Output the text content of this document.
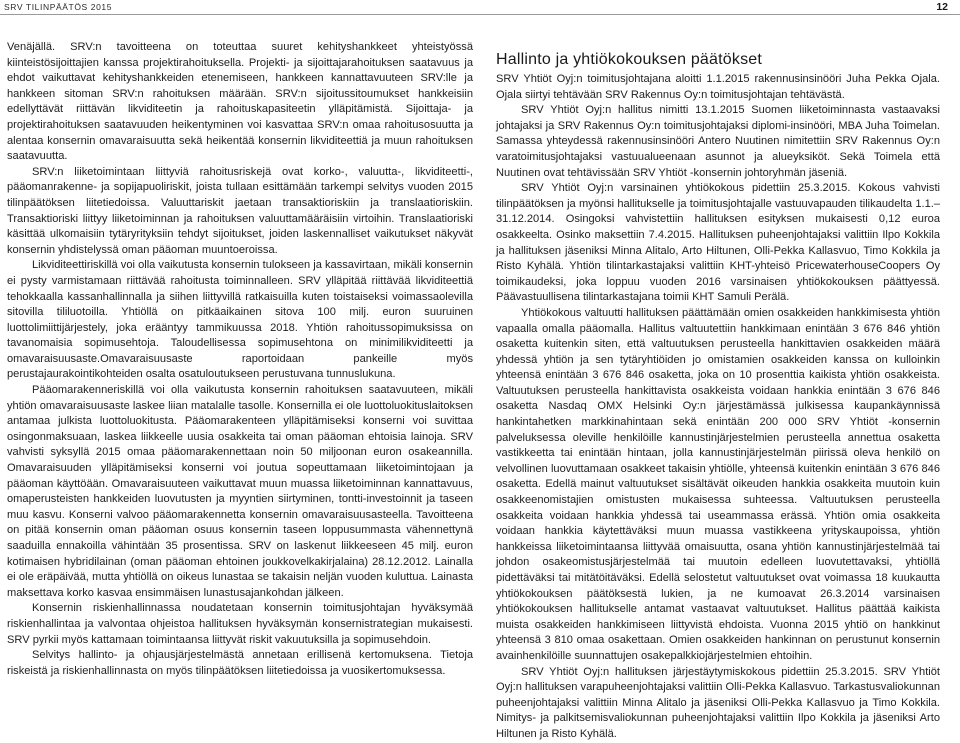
SRV TILINPÄÄTÖS 2015	12

Venäjällä. SRV:n tavoitteena on toteuttaa suuret kehityshankkeet yhteistyössä kiinteistösijoittajien kanssa projektirahoituksella. Projekti- ja sijoittajarahoituksen saatavuus ja ehdot vaikuttavat kehityshankkeiden etenemiseen, hankkeen kannattavuuteen SRV:lle ja hankkeen sitoman SRV:n rahoituksen määrään. SRV:n sijoitussitoumukset hankkeisiin edellyttävät riittävän likviditeetin ja rahoituskapasiteetin ylläpitämistä. Sijoittaja- ja projektirahoituksen saatavuuden heikentyminen voi kasvattaa SRV:n omaa rahoitusosuutta ja alentaa konsernin omavaraisuutta sekä heikentää konsernin likviditeettiä ja muun rahoituksen saatavuutta.

SRV:n liiketoimintaan liittyviä rahoitusriskejä ovat korko-, valuutta-, likviditeetti-, pääomanrakenne- ja sopijapuoliriskit, joista tullaan esittämään tarkempi selvitys vuoden 2015 tilinpäätöksen liitetiedoissa. Valuuttariskit jaetaan transaktioriskiin ja translaatioriskiin. Transaktioriski liittyy liiketoiminnan ja rahoituksen valuuttamääräisiin virtoihin. Translaatioriski käsittää ulkomaisiin tytäryrityksiin tehdyt sijoitukset, joiden laskennalliset vaikutukset näkyvät konsernin yhdistelyssä oman pääoman muuntoeroissa.

Likviditeettiriskillä voi olla vaikutusta konsernin tulokseen ja kassavirtaan, mikäli konsernin ei pysty varmistamaan riittävää rahoitusta toiminnalleen. SRV ylläpitää riittävää likviditeettiä tehokkaalla kassanhallinnalla ja siihen liittyvillä ratkaisuilla kuten toistaiseksi voimassaolevilla sitovilla tililuotoilla. Yhtiöllä on pitkäaikainen sitova 100 milj. euron suuruinen luottolimiittijärjestely, joka erääntyy tammikuussa 2018. Yhtiön rahoitussopimuksissa on tavanomaisia sopimusehtoja. Taloudellisessa sopimusehtona on minimilikviditeetti ja omavaraisuusaste.Omavaraisuusaste raportoidaan pankeille myös perustajaurakointikohteiden osalta osatuloutukseen perustuvana tunnuslukuna.

Pääomarakenneriskillä voi olla vaikutusta konsernin rahoituksen saatavuuteen, mikäli yhtiön omavaraisuusaste laskee liian matalalle tasolle. Konsernilla ei ole luottoluokituslaitoksen antamaa julkista luottoluokitusta. Pääomarakenteen ylläpitämiseksi konserni voi suvittaa osingonmaksuaan, laskea liikkeelle uusia osakkeita tai oman pääoman ehtoisia lainoja. SRV vahvisti syksyllä 2015 omaa pääomarakennettaan noin 50 miljoonan euron osakeannilla. Omavaraisuuden ylläpitämiseksi konserni voi joutua sopeuttamaan liiketoimintojaan ja pääoman käyttöään. Omavaraisuuteen vaikuttavat muun muassa liiketoiminnan kannattavuus, omaperusteisten hankkeiden luovutusten ja myyntien siirtyminen, tontti-investoinnit ja taseen muu kasvu. Konserni valvoo pääomarakennetta konsernin omavaraisuusasteella. Tavoitteena on pitää konsernin oman pääoman osuus konsernin taseen loppusummasta vähennettynä saaduilla ennakoilla vähintään 35 prosentissa. SRV on laskenut liikkeeseen 45 milj. euron kotimaisen hybridilainan (oman pääoman ehtoinen joukkovelkakirjalaina) 28.12.2012. Lainalla ei ole eräpäivää, mutta yhtiöllä on oikeus lunastaa se takaisin neljän vuoden kuluttua. Lainasta maksettava korko kasvaa ensimmäisen lunastusajankohdan jälkeen.

Konsernin riskienhallinnassa noudatetaan konsernin toimitusjohtajan hyväksymää riskienhallintaa ja valvontaa ohjeistoa hallituksen hyväksymän konsernistrategian mukaisesti. SRV pyrkii myös kattamaan toimintaansa liittyvät riskit vakuutuksilla ja sopimusehdoin.

Selvitys hallinto- ja ohjausjärjestelmästä annetaan erillisenä kertomuksena. Tietoja riskeistä ja riskienhallinnasta on myös tilinpäätöksen liitetiedoissa ja vuosikertomuksessa.

Hallinto ja yhtiökokouksen päätökset

SRV Yhtiöt Oyj:n toimitusjohtajana aloitti 1.1.2015 rakennusinsinööri Juha Pekka Ojala. Ojala siirtyi tehtävään SRV Rakennus Oy:n toimitusjohtajan tehtävästä.

SRV Yhtiöt Oyj:n hallitus nimitti 13.1.2015 Suomen liiketoiminnasta vastaavaksi johtajaksi ja SRV Rakennus Oy:n toimitusjohtajaksi diplomi-insinööri, MBA Juha Toimelan. Samassa yhteydessä rakennusinsinööri Antero Nuutinen nimitettiin SRV Rakennus Oy:n varatoimitusjohtajaksi vastuualueenaan asunnot ja alueyksiköt. Sekä Toimela että Nuutinen ovat tehtävissään SRV Yhtiöt -konsernin johtoryhmän jäseniä.

SRV Yhtiöt Oyj:n varsinainen yhtiökokous pidettiin 25.3.2015. Kokous vahvisti tilinpäätöksen ja myönsi hallitukselle ja toimitusjohtajalle vastuuvapauden tilikaudelta 1.1.–31.12.2014. Osingoksi vahvistettiin hallituksen esityksen mukaisesti 0,12 euroa osakkeelta. Osinko maksettiin 7.4.2015. Hallituksen puheenjohtajaksi valittiin Ilpo Kokkila ja hallituksen jäseniksi Minna Alitalo, Arto Hiltunen, Olli-Pekka Kallasvuo, Timo Kokkila ja Risto Kyhälä. Yhtiön tilintarkastajaksi valittiin KHT-yhteisö PricewaterhouseCoopers Oy toimikaudeksi, joka loppuu vuoden 2016 varsinaisen yhtiökokouksen päättyessä. Päävastuullisena tilintarkastajana toimii KHT Samuli Perälä.

Yhtiökokous valtuutti hallituksen päättämään omien osakkeiden hankkimisesta yhtiön vapaalla omalla pääomalla. Hallitus valtuutettiin hankkimaan enintään 3 676 846 yhtiön osaketta kuitenkin siten, että valtuutuksen perusteella hankittavien osakkeiden määrä yhdessä yhtiön ja sen tytäryhtiöiden jo omistamien osakkeiden kanssa on kulloinkin yhteensä enintään 3 676 846 osaketta, joka on 10 prosenttia kaikista yhtiön osakkeista. Valtuutuksen perusteella hankittavista osakkeista voidaan hankkia enintään 3 676 846 osaketta Nasdaq OMX Helsinki Oy:n järjestämässä julkisessa kaupankäynnissä hankintahetken markkinahintaan sekä enintään 200 000 SRV Yhtiöt -konsernin palveluksessa oleville henkilöille kannustinjärjestelmien perusteella annettua osaketta vastikkeetta tai enintään hintaan, jolla kannustinjärjestelmän piirissä oleva henkilö on velvollinen luovuttamaan osakkeet takaisin yhtiölle, yhteensä kuitenkin enintään 3 676 846 osaketta. Edellä mainut valtuutukset sisältävät oikeuden hankkia osakkeita muutoin kuin osakkeenomistajien omistusten mukaisessa suhteessa. Valtuutuksen perusteella osakkeita voidaan hankkia yhdessä tai useammassa erässä. Yhtiön omia osakkeita voidaan hankkia käytettäväksi muun muassa vastikkeena yrityskaupoissa, yhtiön hankkeissa liiketoimintaansa liittyvää omaisuutta, osana yhtiön kannustinjärjestelmää tai johdon osakeomistusjärjestelmää tai muutoin edelleen luovutettavaksi, yhtiöllä pidettäväksi tai mitätöitäväksi. Edellä selostetut valtuutukset ovat voimassa 18 kuukautta yhtiökokouksen päätöksestä lukien, ja ne kumoavat 26.3.2014 varsinaisen yhtiökokouksen hallitukselle antamat vastaavat valtuutukset. Hallitus päättää kaikista muista osakkeiden hankkimiseen liittyvistä ehdoista. Vuonna 2015 yhtiö on hankkinut yhteensä 3 810 omaa osakettaan. Omien osakkeiden hankinnan on perustunut konsernin avainhenkilöille suunnattujen osakepalkkiojärjestelmien ehtoihin.

SRV Yhtiöt Oyj:n hallituksen järjestäytymiskokous pidettiin 25.3.2015. SRV Yhtiöt Oyj:n hallituksen varapuheenjohtajaksi valittiin Olli-Pekka Kallasvuo. Tarkastusvaliokunnan puheenjohtajaksi valittiin Minna Alitalo ja jäseniksi Olli-Pekka Kallasvuo ja Timo Kokkila. Nimitys- ja palkitsemisvaliokunnan puheenjohtajaksi valittiin Ilpo Kokkila ja jäseniksi Arto Hiltunen ja Risto Kyhälä.
